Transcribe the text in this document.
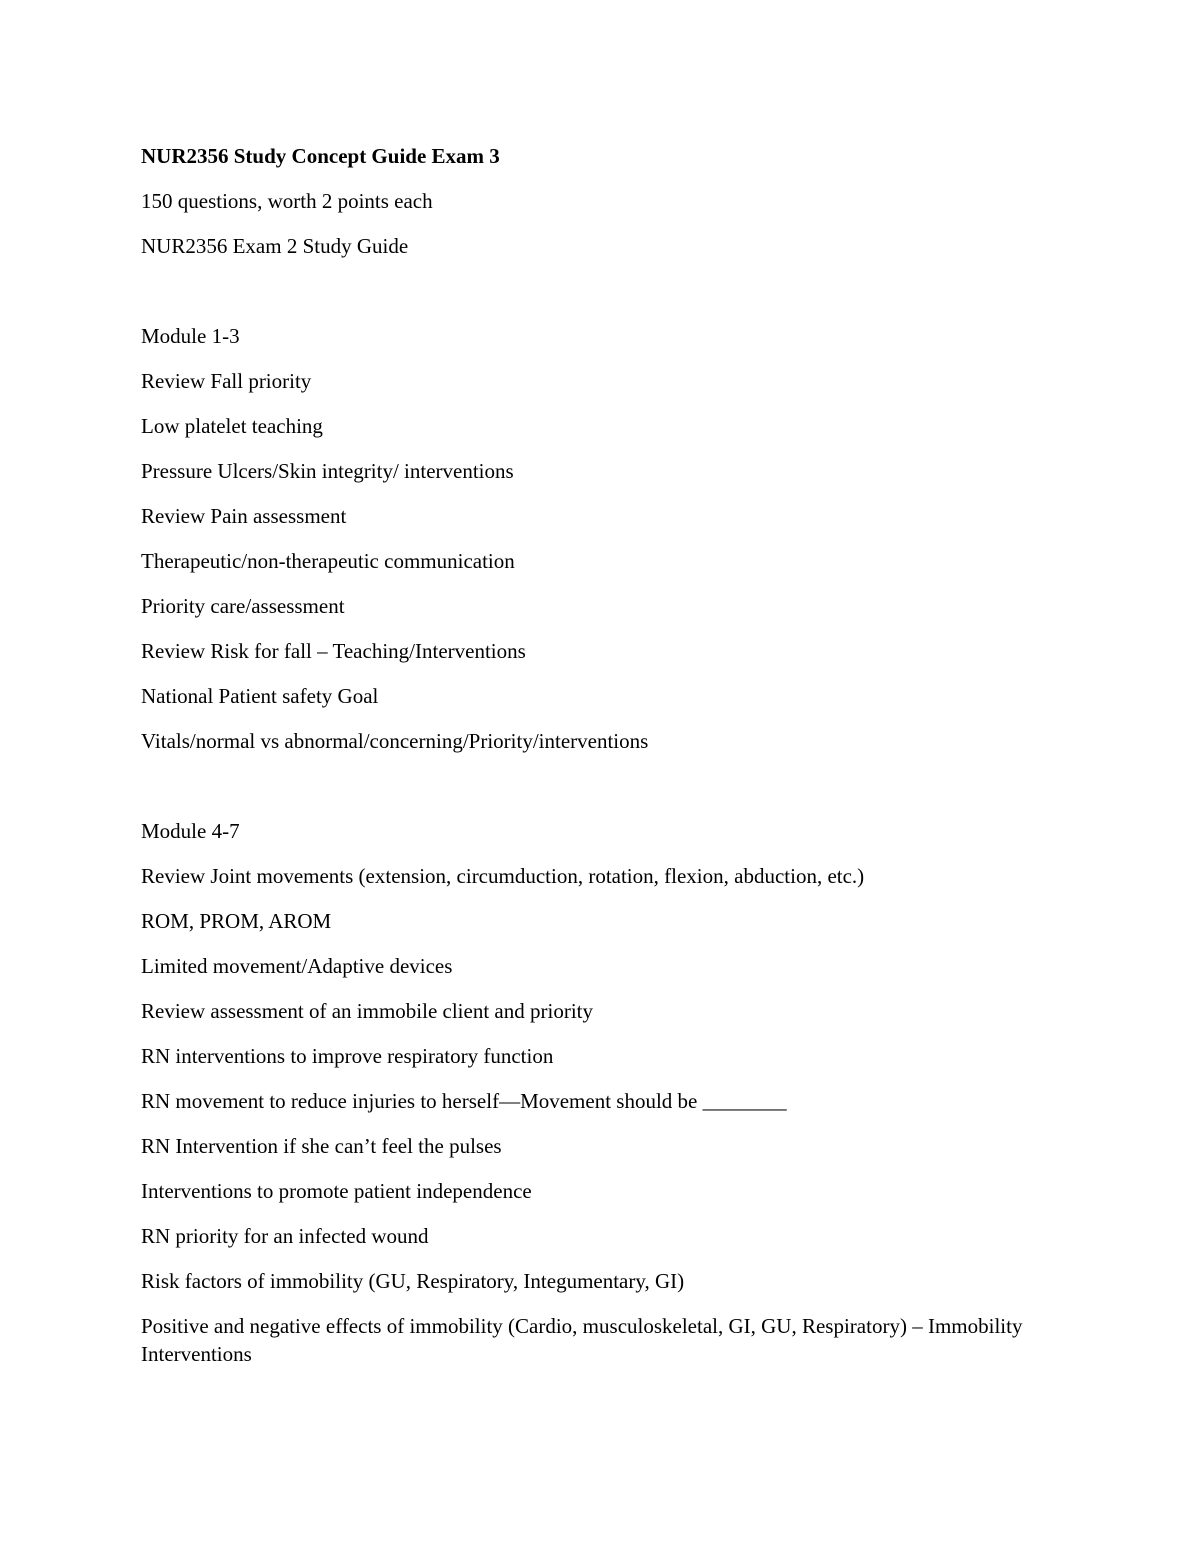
NUR2356 Study Concept Guide Exam 3
150 questions, worth 2 points each
NUR2356 Exam 2 Study Guide
Module 1-3
Review Fall priority
Low platelet teaching
Pressure Ulcers/Skin integrity/ interventions
Review Pain assessment
Therapeutic/non-therapeutic communication
Priority care/assessment
Review Risk for fall – Teaching/Interventions
National Patient safety Goal
Vitals/normal vs abnormal/concerning/Priority/interventions
Module 4-7
Review Joint movements (extension, circumduction, rotation, flexion, abduction, etc.)
ROM, PROM, AROM
Limited movement/Adaptive devices
Review assessment of an immobile client and priority
RN interventions to improve respiratory function
RN movement to reduce injuries to herself—Movement should be ________
RN Intervention if she can’t feel the pulses
Interventions to promote patient independence
RN priority for an infected wound
Risk factors of immobility (GU, Respiratory, Integumentary, GI)
Positive and negative effects of immobility (Cardio, musculoskeletal, GI, GU, Respiratory) – Immobility Interventions
